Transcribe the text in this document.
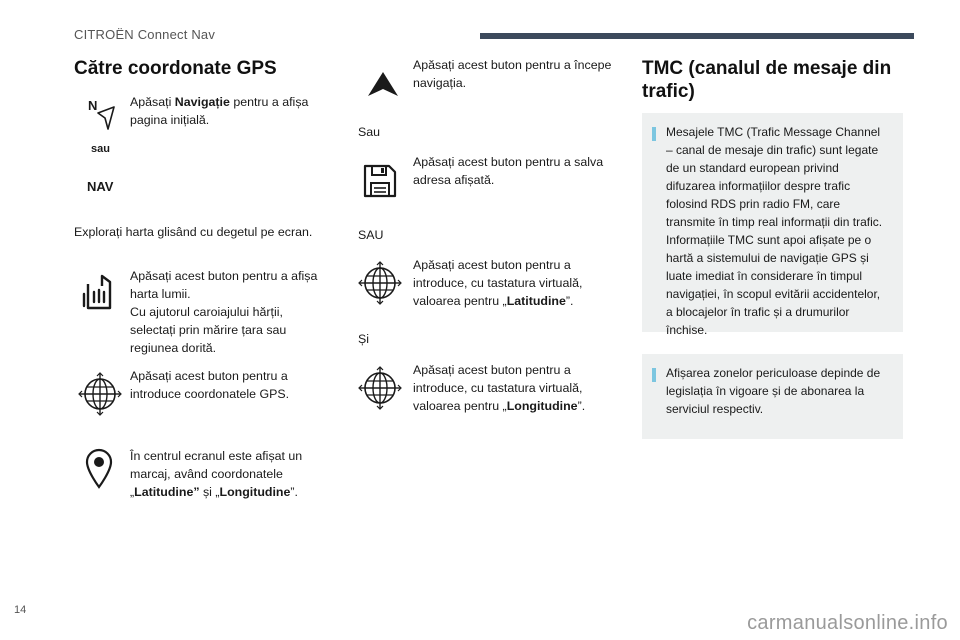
CITROËN Connect Nav
Către coordonate GPS
N
sau
NAV
Apăsați Navigație pentru a afișa pagina inițială.
Explorați harta glisând cu degetul pe ecran.
Apăsați acest buton pentru a afișa harta lumii.
Cu ajutorul caroiajului hărții, selectați prin mărire țara sau regiunea dorită.
Apăsați acest buton pentru a introduce coordonatele GPS.
În centrul ecranul este afișat un marcaj, având coordonatele „Latitudine” și „Longitudine”.
Apăsați acest buton pentru a începe navigația.
Sau
Apăsați acest buton pentru a salva adresa afișată.
SAU
Apăsați acest buton pentru a introduce, cu tastatura virtuală, valoarea pentru „Latitudine”.
Și
Apăsați acest buton pentru a introduce, cu tastatura virtuală, valoarea pentru „Longitudine”.
TMC (canalul de mesaje din trafic)
Mesajele TMC (Trafic Message Channel – canal de mesaje din trafic) sunt legate de un standard european privind difuzarea informațiilor despre trafic folosind RDS prin radio FM, care transmite în timp real informații din trafic.
Informațiile TMC sunt apoi afișate pe o hartă a sistemului de navigație GPS și luate imediat în considerare în timpul navigației, în scopul evitării accidentelor, a blocajelor în trafic și a drumurilor închise.
Afișarea zonelor periculoase depinde de legislația în vigoare și de abonarea la serviciul respectiv.
14
carmanualsonline.info
